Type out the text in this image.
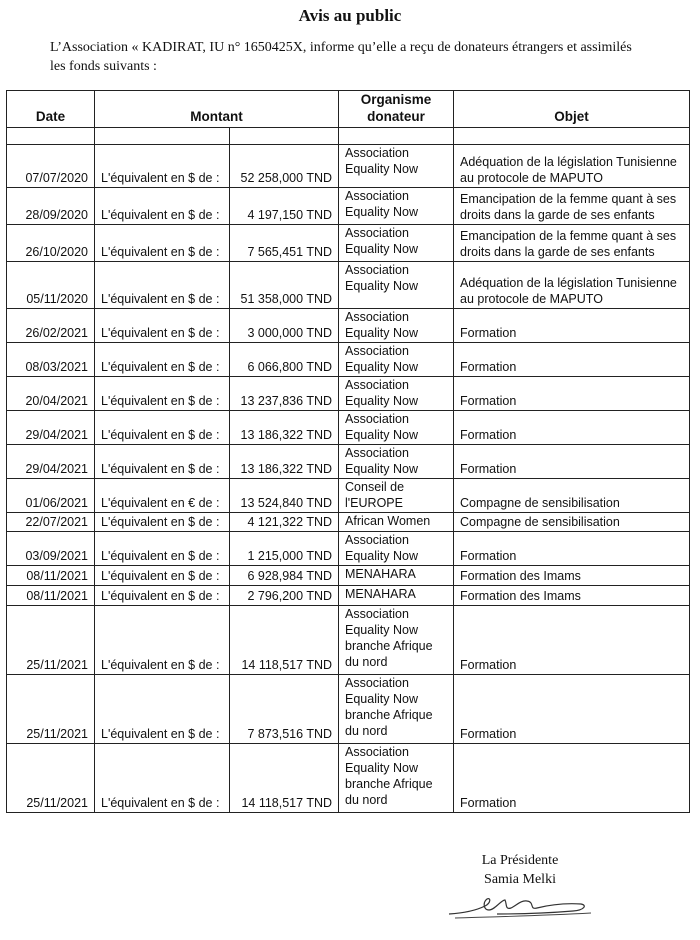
Avis au public
L’Association « KADIRAT, IU n° 1650425X, informe qu’elle a reçu de donateurs étrangers et assimilés les fonds suivants :
Date	Montant		Organisme donateur	Objet

07/07/2020	L'équivalent en $ de :	52 258,000 TND	Association Equality Now	Adéquation de la législation Tunisienne au protocole de MAPUTO
28/09/2020	L'équivalent en $ de :	4 197,150 TND	Association Equality Now	Emancipation de la femme quant à ses droits dans la garde de ses enfants
26/10/2020	L'équivalent en $ de :	7 565,451 TND	Association Equality Now	Emancipation de la femme quant à ses droits dans la garde de ses enfants
05/11/2020	L'équivalent en $ de :	51 358,000 TND	Association Equality Now	Adéquation de la législation Tunisienne au protocole de MAPUTO
26/02/2021	L'équivalent en $ de :	3 000,000 TND	Association Equality Now	Formation
08/03/2021	L'équivalent en $ de :	6 066,800 TND	Association Equality Now	Formation
20/04/2021	L'équivalent en $ de :	13 237,836 TND	Association Equality Now	Formation
29/04/2021	L'équivalent en $ de :	13 186,322 TND	Association Equality Now	Formation
29/04/2021	L'équivalent en $ de :	13 186,322 TND	Association Equality Now	Formation
01/06/2021	L'équivalent en € de :	13 524,840 TND	Conseil de l'EUROPE	Compagne de sensibilisation
22/07/2021	L'équivalent en $ de :	4 121,322 TND	African Women	Compagne de sensibilisation
03/09/2021	L'équivalent en $ de :	1 215,000 TND	Association Equality Now	Formation
08/11/2021	L'équivalent en $ de :	6 928,984 TND	MENAHARA	Formation des Imams
08/11/2021	L'équivalent en $ de :	2 796,200 TND	MENAHARA	Formation des Imams
25/11/2021	L'équivalent en $ de :	14 118,517 TND	Association Equality Now branche Afrique du nord	Formation
25/11/2021	L'équivalent en $ de :	7 873,516 TND	Association Equality Now branche Afrique du nord	Formation
25/11/2021	L'équivalent en $ de :	14 118,517 TND	Association Equality Now branche Afrique du nord	Formation
La Présidente
Samia Melki
